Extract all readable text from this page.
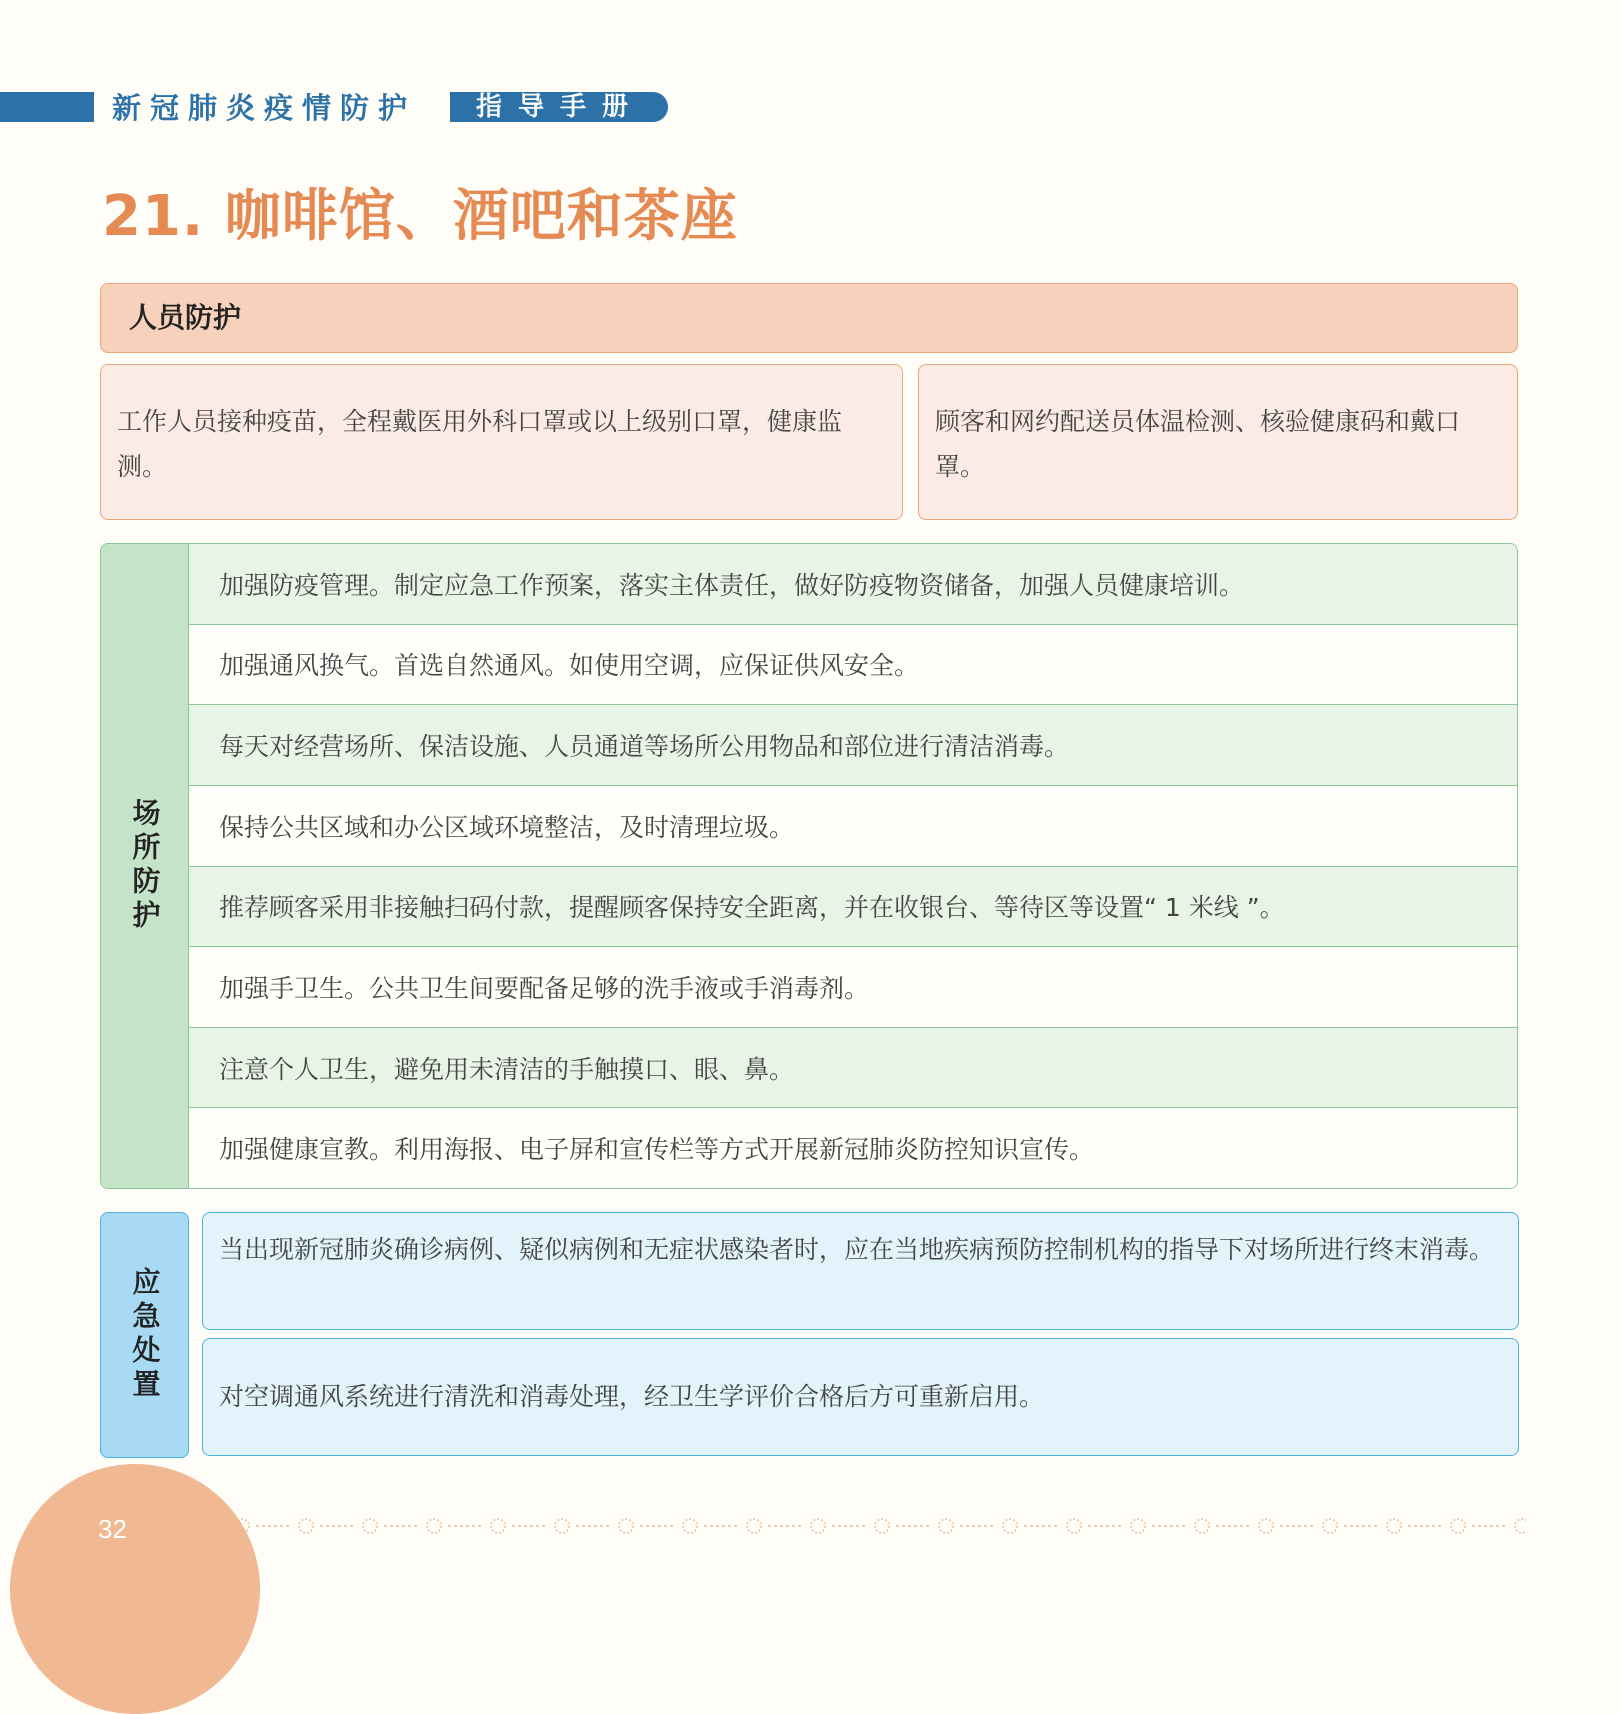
新冠肺炎疫情防护	指导手册
21. 咖啡馆、酒吧和茶座
人员防护
工作人员接种疫苗，全程戴医用外科口罩或以上级别口罩，健康监测。
顾客和网约配送员体温检测、核验健康码和戴口罩。
场所防护
加强防疫管理。制定应急工作预案，落实主体责任，做好防疫物资储备，加强人员健康培训。
加强通风换气。首选自然通风。如使用空调，应保证供风安全。
每天对经营场所、保洁设施、人员通道等场所公用物品和部位进行清洁消毒。
保持公共区域和办公区域环境整洁，及时清理垃圾。
推荐顾客采用非接触扫码付款，提醒顾客保持安全距离，并在收银台、等待区等设置“ 1 米线 ”。
加强手卫生。公共卫生间要配备足够的洗手液或手消毒剂。
注意个人卫生，避免用未清洁的手触摸口、眼、鼻。
加强健康宣教。利用海报、电子屏和宣传栏等方式开展新冠肺炎防控知识宣传。
应急处置
当出现新冠肺炎确诊病例、疑似病例和无症状感染者时，应在当地疾病预防控制机构的指导下对场所进行终末消毒。
对空调通风系统进行清洗和消毒处理，经卫生学评价合格后方可重新启用。
32
